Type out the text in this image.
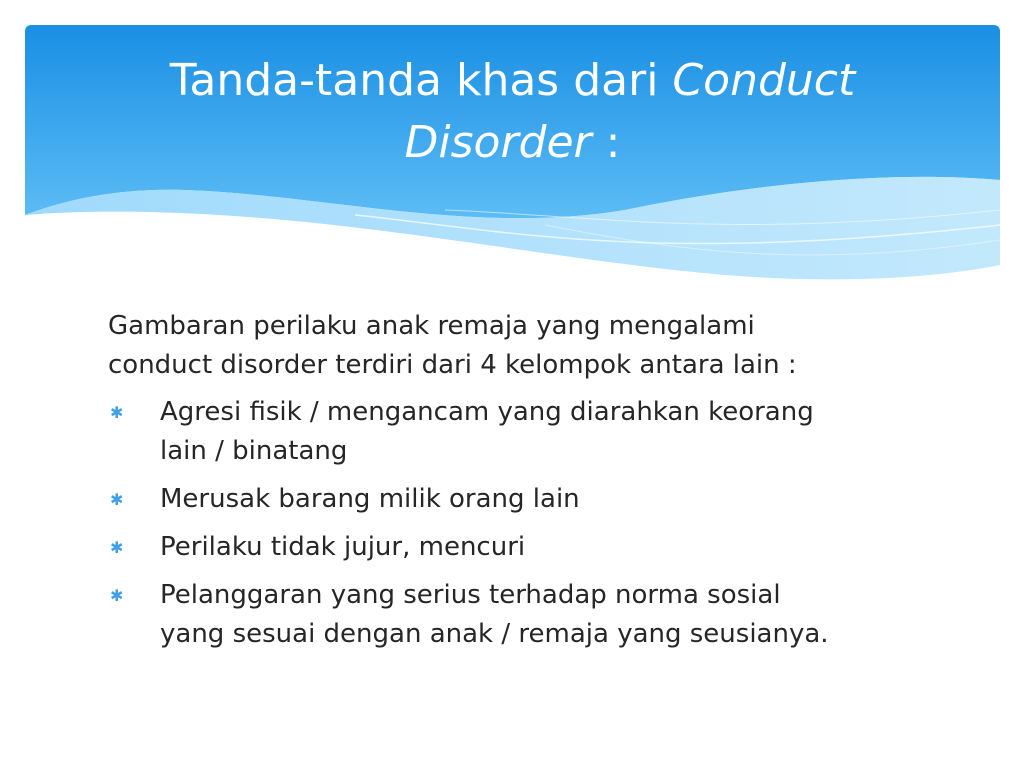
Tanda-tanda khas dari Conduct Disorder :

Gambaran perilaku anak remaja yang mengalami
conduct disorder terdiri dari 4 kelompok antara lain :

✱ Agresi fisik / mengancam yang diarahkan keorang
lain / binatang
✱ Merusak barang milik orang lain
✱ Perilaku tidak jujur, mencuri
✱ Pelanggaran yang serius terhadap norma sosial
yang sesuai dengan anak / remaja yang seusianya.
